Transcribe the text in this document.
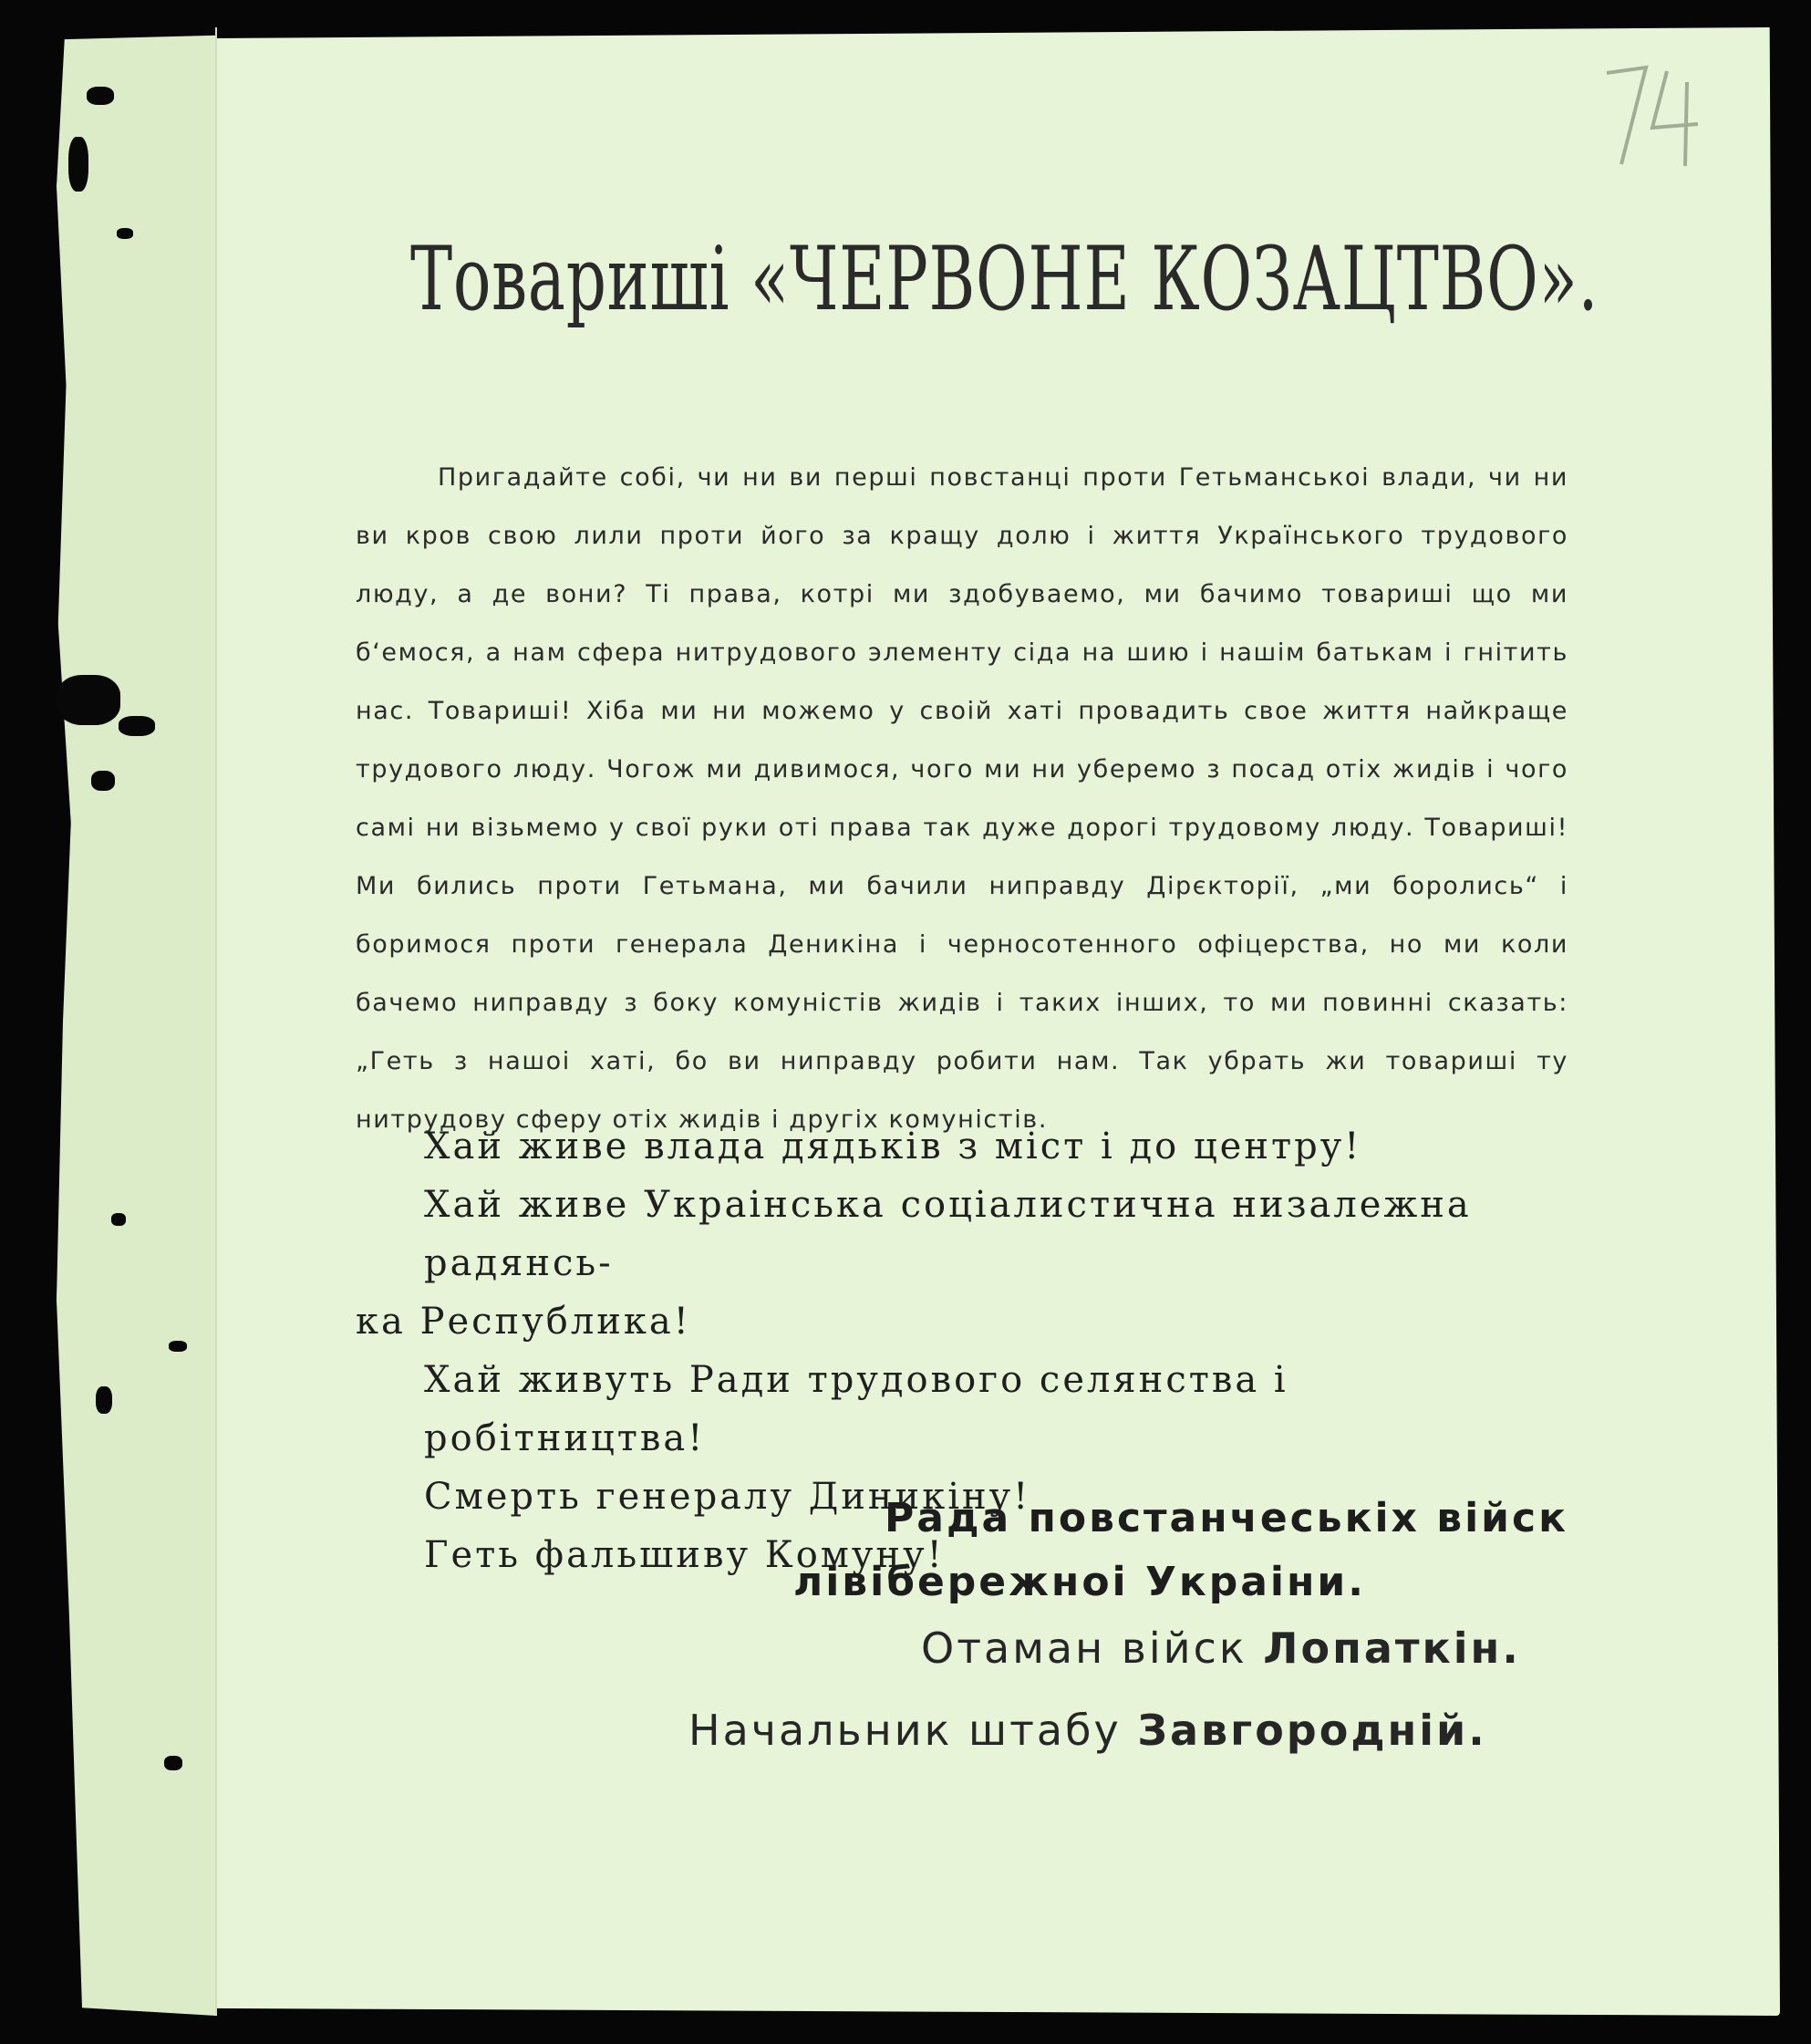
Товариші «ЧЕРВОНЕ КОЗАЦТВО».

Пригадайте собі, чи ни ви перші повстанці проти Гетьманськоі влади, чи ни ви кров свою лили проти його за кращу долю і життя Украïнського трудового люду, а де вони? Ті права, котрі ми здобуваемо, ми бачимо товариші що ми б‘емося, а нам сфера нитрудового элементу сіда на шию і нашім батькам і гнітить нас. Товариші! Хіба ми ни можемо у своій хаті провадить свое життя найкраще трудового люду. Чогож ми дивимося, чого ми ни уберемо з посад отіх жидів і чого самі ни візьмемо у свої руки оті права так дуже дорогі трудовому люду. Товариші! Ми бились проти Гетьмана, ми бачили ниправду Дірєкторії, „ми боролись“ і боримося проти генерала Деникіна і черносотенного офіцерства, но ми коли бачемо ниправду з боку комуністів жидів і таких інших, то ми повинні сказать: „Геть з нашоі хаті, бо ви ниправду робити нам. Так убрать жи товариші ту нитрудову сферу отіх жидів і другіх комуністів.

Хай живе влада дядьків з міст і до центру!
Хай живе Украінська соціалистична низалежна радянсь-
ка Республика!
Хай живуть Ради трудового селянства і робітництва!
Смерть генералу Диникіну!
Геть фальшиву Комуну!
Рада повстанчеськіх війск
лівібережноі Украіни.
Отаман війск Лопаткін.
Начальник штабу Завгородній.
